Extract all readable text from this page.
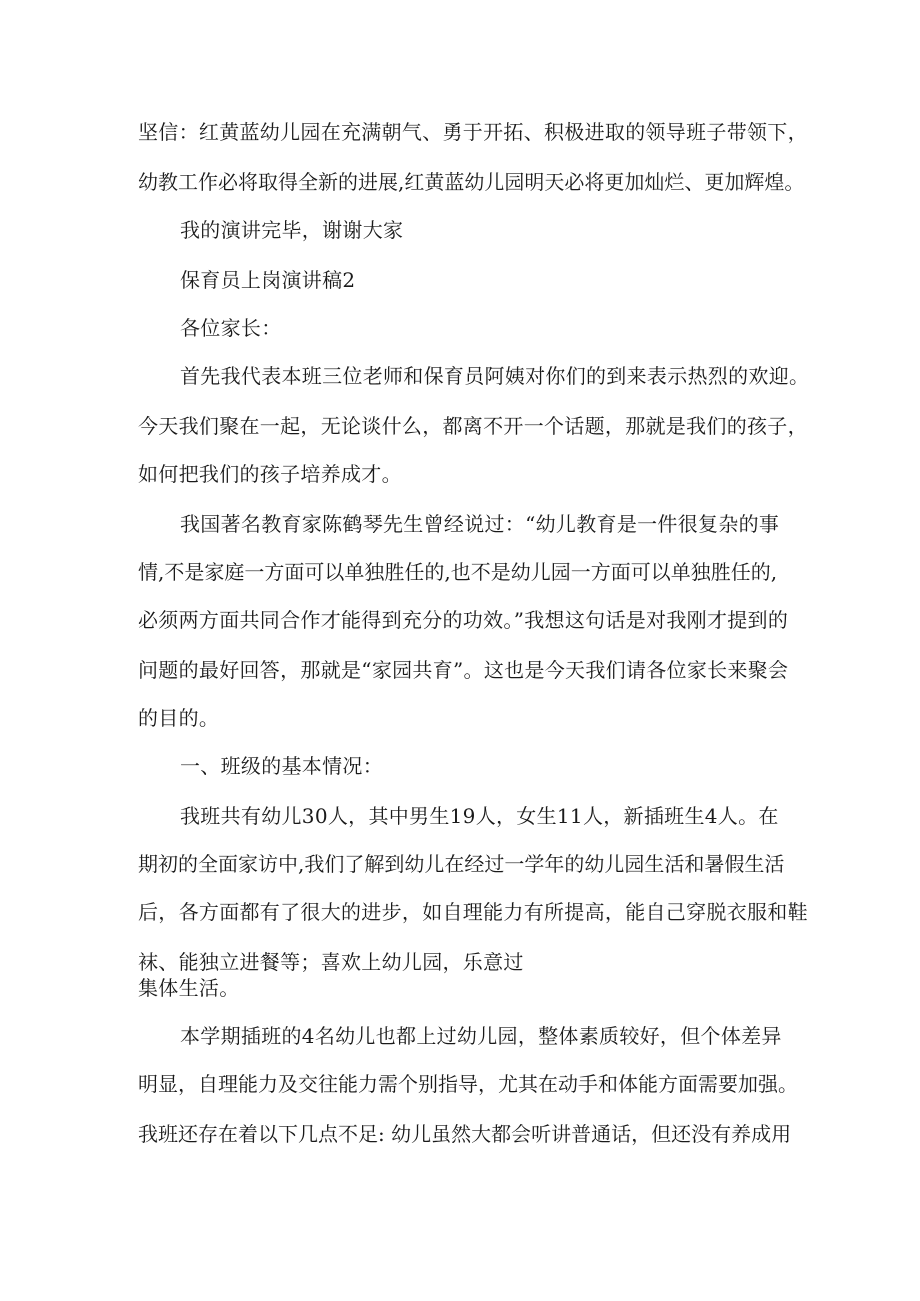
坚信：红黄蓝幼儿园在充满朝气、勇于开拓、积极进取的领导班子带领下，
幼教工作必将取得全新的进展,红黄蓝幼儿园明天必将更加灿烂、更加辉煌。
我的演讲完毕，谢谢大家
保育员上岗演讲稿2
各位家长：
首先我代表本班三位老师和保育员阿姨对你们的到来表示热烈的欢迎。
今天我们聚在一起，无论谈什么，都离不开一个话题，那就是我们的孩子，
如何把我们的孩子培养成才。
我国著名教育家陈鹤琴先生曾经说过：“幼儿教育是一件很复杂的事
情,不是家庭一方面可以单独胜任的,也不是幼儿园一方面可以单独胜任的,
必须两方面共同合作才能得到充分的功效。”我想这句话是对我刚才提到的
问题的最好回答，那就是“家园共育”。这也是今天我们请各位家长来聚会
的目的。
一、班级的基本情况：
我班共有幼儿30人，其中男生19人，女生11人，新插班生4人。在
期初的全面家访中,我们了解到幼儿在经过一学年的幼儿园生活和暑假生活
后，各方面都有了很大的进步，如自理能力有所提高，能自己穿脱衣服和鞋
袜、能独立进餐等；喜欢上幼儿园，乐意过
集体生活。
本学期插班的4名幼儿也都上过幼儿园，整体素质较好，但个体差异
明显，自理能力及交往能力需个别指导，尤其在动手和体能方面需要加强。
我班还存在着以下几点不足: 幼儿虽然大都会听讲普通话，但还没有养成用
